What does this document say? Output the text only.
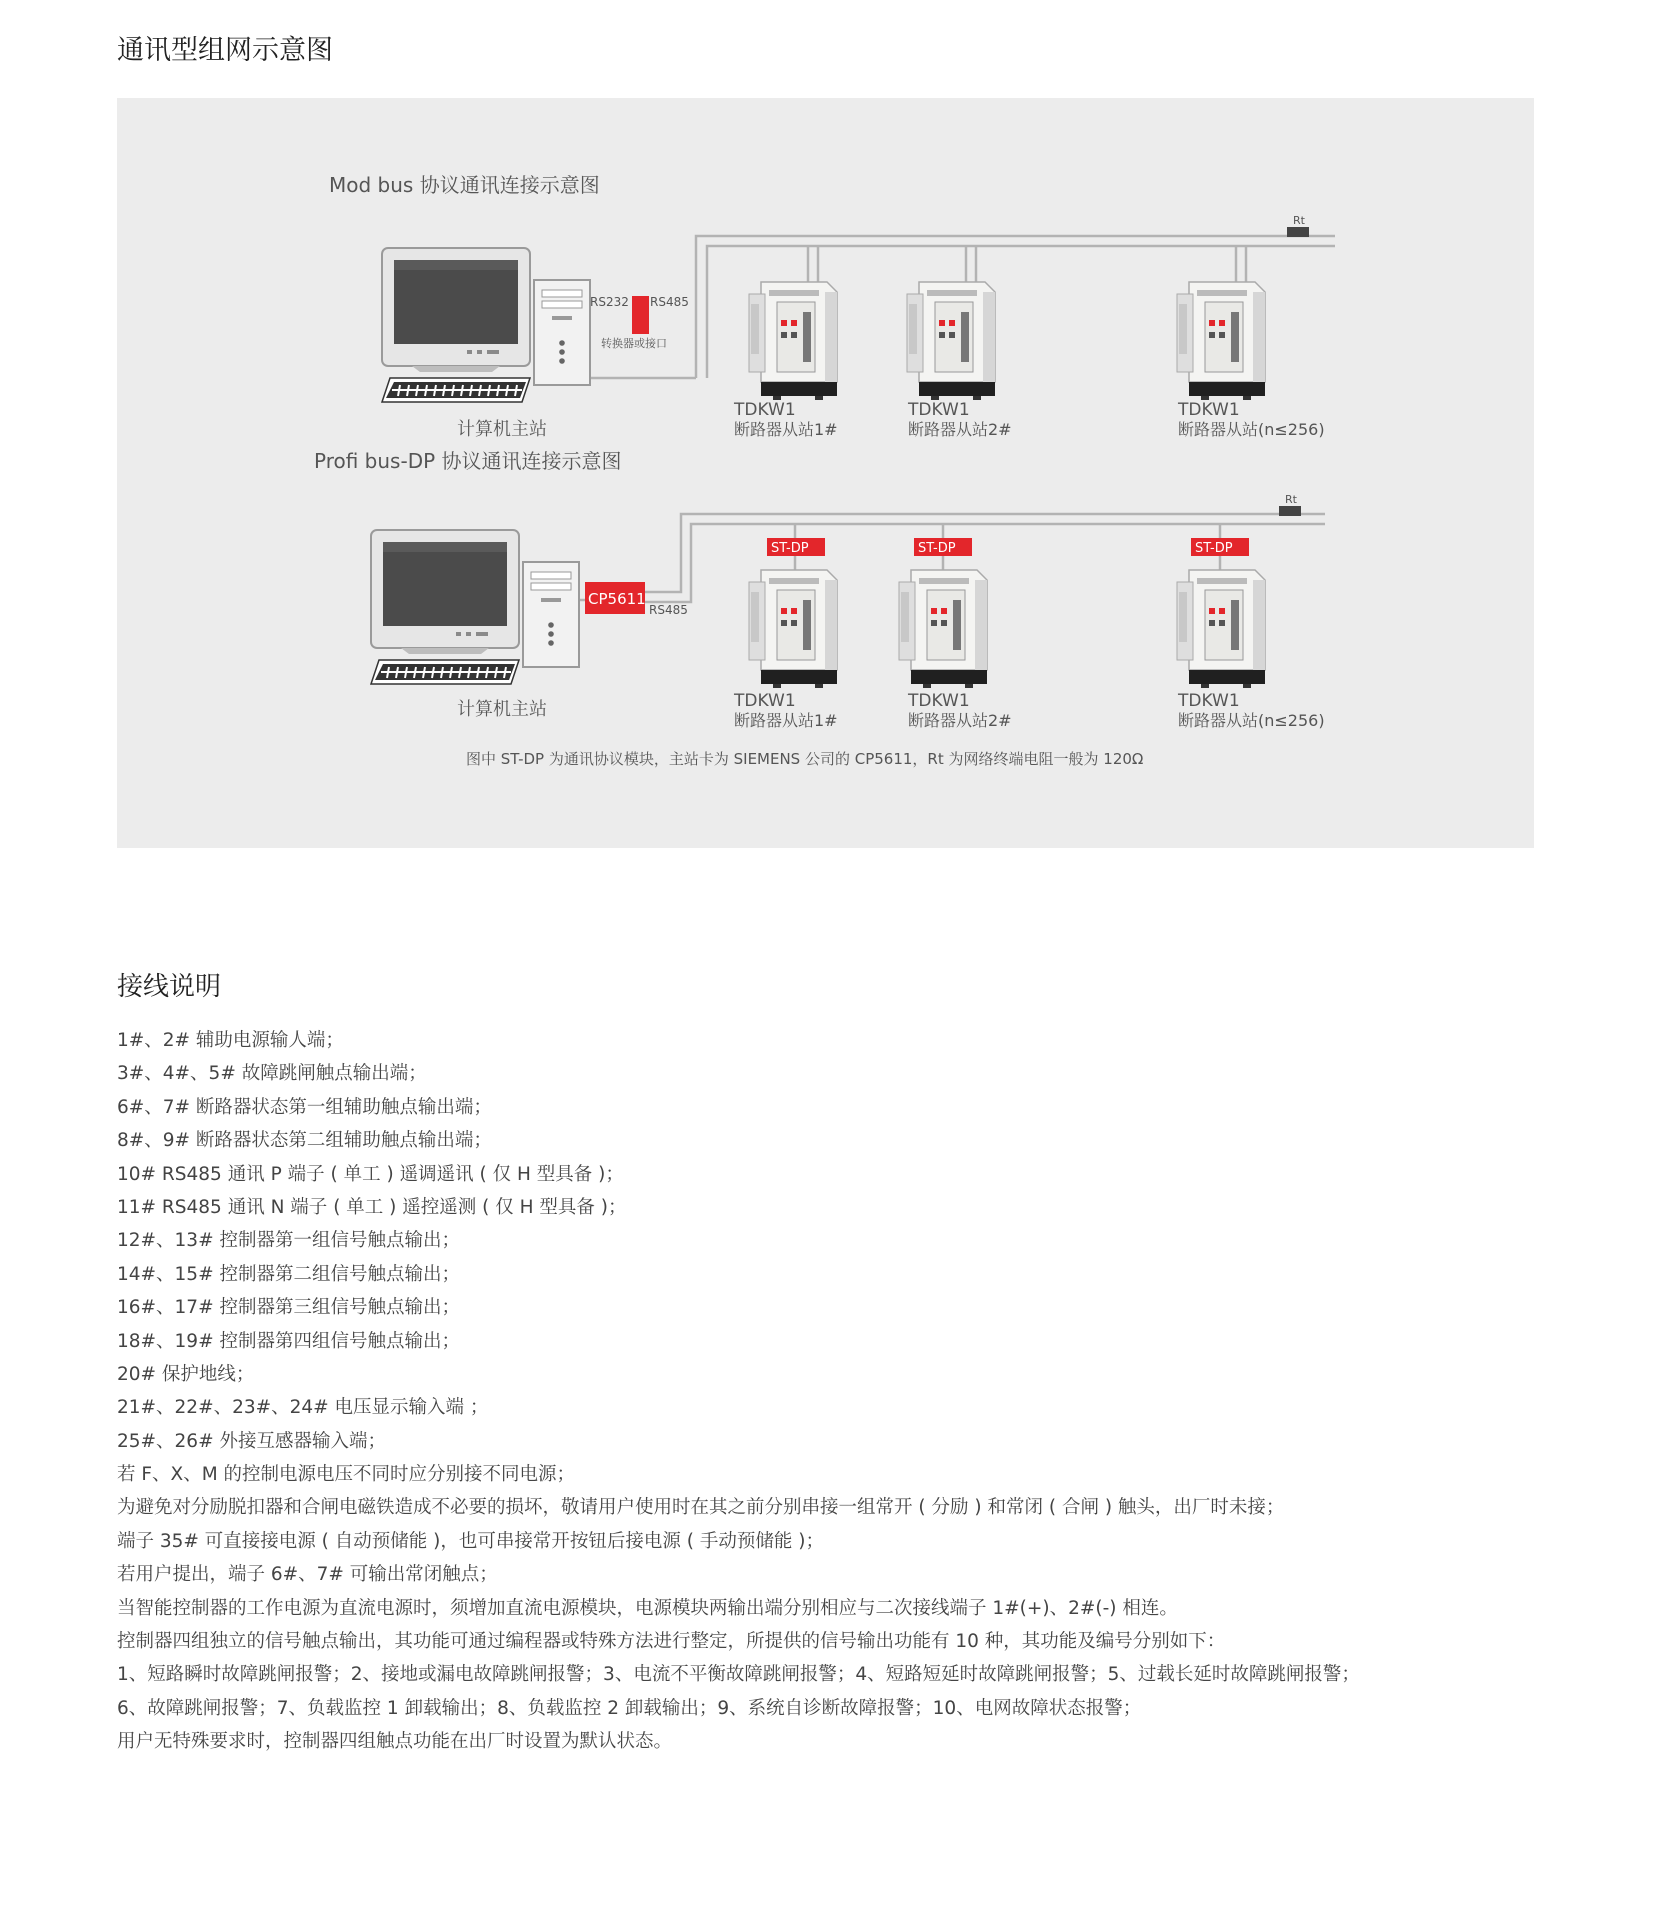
通讯型组网示意图
Mod bus 协议通讯连接示意图
Rt
计算机主站
RS232 RS485
转换器或接口
TDKW1
断路器从站1#
TDKW1
断路器从站2#
TDKW1
断路器从站(n≤256)
Profi bus-DP 协议通讯连接示意图
Rt
计算机主站
CP5611
RS485
ST-DP	ST-DP	ST-DP
TDKW1
断路器从站1#
TDKW1
断路器从站2#
TDKW1
断路器从站(n≤256)
图中 ST-DP 为通讯协议模块，主站卡为 SIEMENS 公司的 CP5611，Rt 为网络终端电阻一般为 120Ω
接线说明
1#、2# 辅助电源输人端；
3#、4#、5# 故障跳闸触点输出端；
6#、7# 断路器状态第一组辅助触点输出端；
8#、9# 断路器状态第二组辅助触点输出端；
10# RS485 通讯 P 端子 ( 单工 ) 遥调遥讯 ( 仅 H 型具备 )；
11# RS485 通讯 N 端子 ( 单工 ) 遥控遥测 ( 仅 H 型具备 )；
12#、13# 控制器第一组信号触点输出；
14#、15# 控制器第二组信号触点输出；
16#、17# 控制器第三组信号触点输出；
18#、19# 控制器第四组信号触点输出；
20# 保护地线；
21#、22#、23#、24# 电压显示输入端 ；
25#、26# 外接互感器输入端；
若 F、X、M 的控制电源电压不同时应分别接不同电源；
为避免对分励脱扣器和合闸电磁铁造成不必要的损坏，敬请用户使用时在其之前分别串接一组常开 ( 分励 ) 和常闭 ( 合闸 ) 触头，出厂时未接；
端子 35# 可直接接电源 ( 自动预储能 )，也可串接常开按钮后接电源 ( 手动预储能 )；
若用户提出，端子 6#、7# 可输出常闭触点；
当智能控制器的工作电源为直流电源时，须增加直流电源模块，电源模块两输出端分别相应与二次接线端子 1#(+)、2#(-) 相连。
控制器四组独立的信号触点输出，其功能可通过编程器或特殊方法进行整定，所提供的信号输出功能有 10 种，其功能及编号分别如下：
1、短路瞬时故障跳闸报警；2、接地或漏电故障跳闸报警；3、电流不平衡故障跳闸报警；4、短路短延时故障跳闸报警；5、过载长延时故障跳闸报警；
6、故障跳闸报警；7、负载监控 1 卸载输出；8、负载监控 2 卸载输出；9、系统自诊断故障报警；10、电网故障状态报警；
用户无特殊要求时，控制器四组触点功能在出厂时设置为默认状态。
